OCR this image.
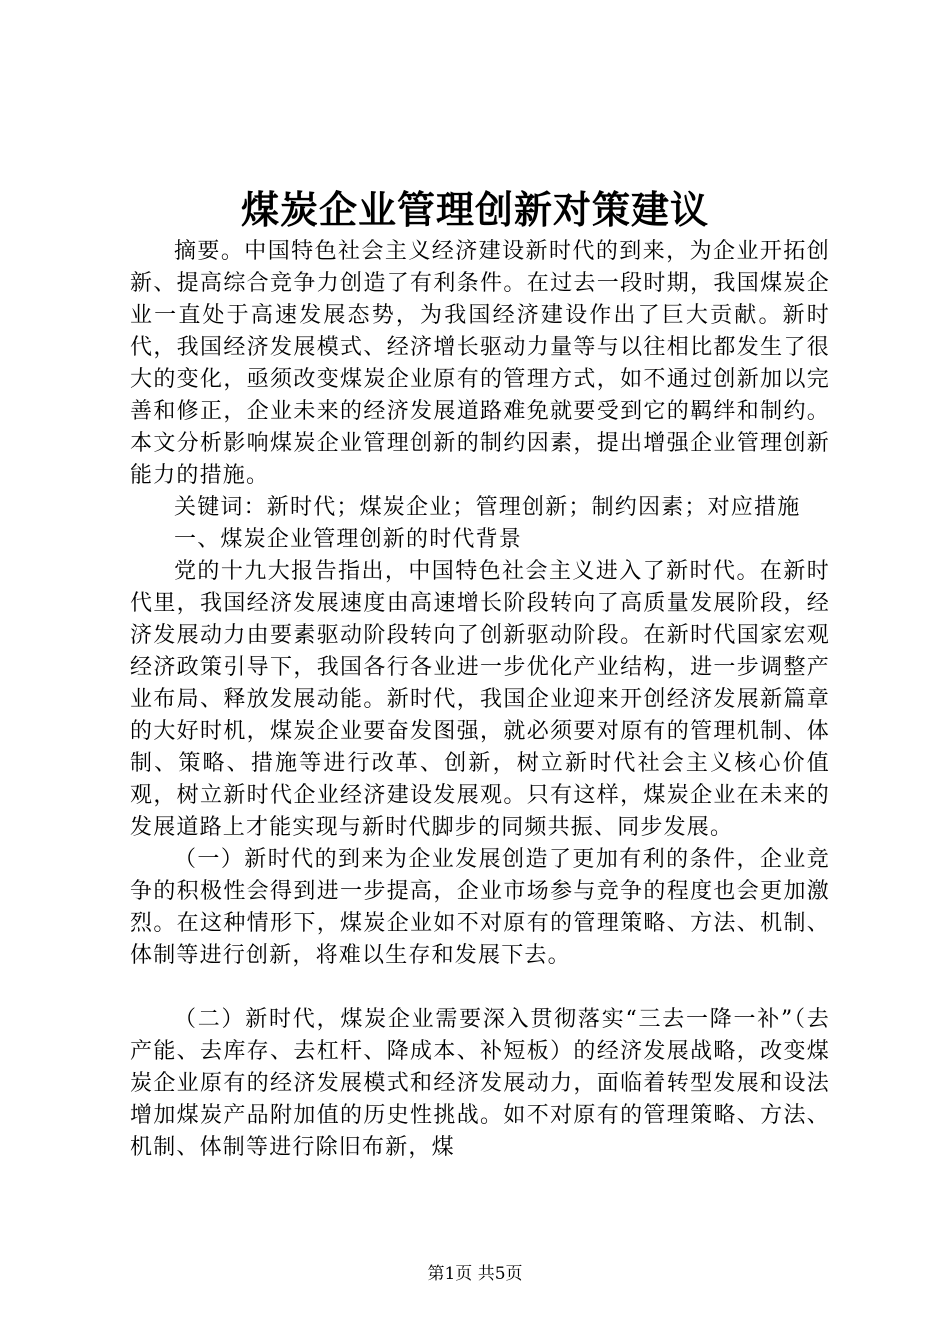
煤炭企业管理创新对策建议

摘要。中国特色社会主义经济建设新时代的到来，为企业开拓创新、提高综合竞争力创造了有利条件。在过去一段时期，我国煤炭企业一直处于高速发展态势，为我国经济建设作出了巨大贡献。新时代，我国经济发展模式、经济增长驱动力量等与以往相比都发生了很大的变化，亟须改变煤炭企业原有的管理方式，如不通过创新加以完善和修正，企业未来的经济发展道路难免就要受到它的羁绊和制约。本文分析影响煤炭企业管理创新的制约因素，提出增强企业管理创新能力的措施。

关键词：新时代；煤炭企业；管理创新；制约因素；对应措施

一、煤炭企业管理创新的时代背景

党的十九大报告指出，中国特色社会主义进入了新时代。在新时代里，我国经济发展速度由高速增长阶段转向了高质量发展阶段，经济发展动力由要素驱动阶段转向了创新驱动阶段。在新时代国家宏观经济政策引导下，我国各行各业进一步优化产业结构，进一步调整产业布局、释放发展动能。新时代，我国企业迎来开创经济发展新篇章的大好时机，煤炭企业要奋发图强，就必须要对原有的管理机制、体制、策略、措施等进行改革、创新，树立新时代社会主义核心价值观，树立新时代企业经济建设发展观。只有这样，煤炭企业在未来的发展道路上才能实现与新时代脚步的同频共振、同步发展。

（一）新时代的到来为企业发展创造了更加有利的条件，企业竞争的积极性会得到进一步提高，企业市场参与竞争的程度也会更加激烈。在这种情形下，煤炭企业如不对原有的管理策略、方法、机制、体制等进行创新，将难以生存和发展下去。

（二）新时代，煤炭企业需要深入贯彻落实“三去一降一补”（去产能、去库存、去杠杆、降成本、补短板）的经济发展战略，改变煤炭企业原有的经济发展模式和经济发展动力，面临着转型发展和设法增加煤炭产品附加值的历史性挑战。如不对原有的管理策略、方法、机制、体制等进行除旧布新，煤

第1页 共5页
